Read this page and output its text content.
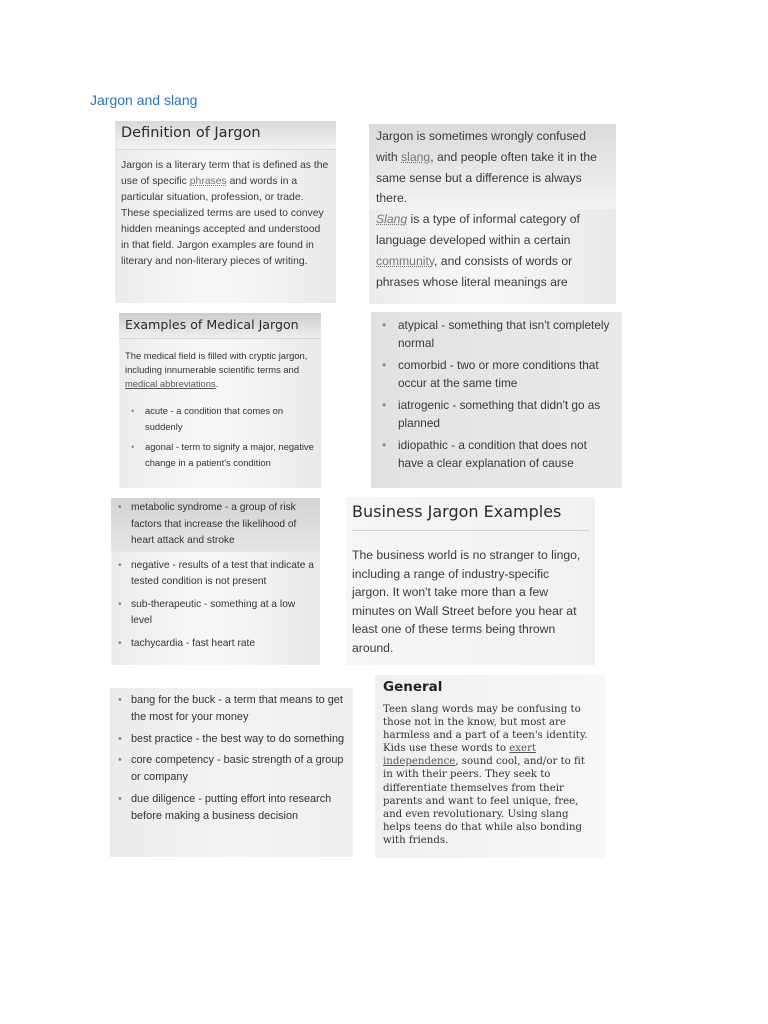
Jargon and slang
Definition of Jargon

Jargon is a literary term that is defined as the use of specific phrases and words in a particular situation, profession, or trade. These specialized terms are used to convey hidden meanings accepted and understood in that field. Jargon examples are found in literary and non-literary pieces of writing.

Jargon is sometimes wrongly confused with slang, and people often take it in the same sense but a difference is always there.

Slang is a type of informal category of language developed within a certain community, and consists of words or phrases whose literal meanings are

Examples of Medical Jargon

The medical field is filled with cryptic jargon, including innumerable scientific terms and medical abbreviations.

• acute - a condition that comes on suddenly
• agonal - term to signify a major, negative change in a patient's condition
• atypical - something that isn't completely normal
• comorbid - two or more conditions that occur at the same time
• iatrogenic - something that didn't go as planned
• idiopathic - a condition that does not have a clear explanation of cause
• metabolic syndrome - a group of risk factors that increase the likelihood of heart attack and stroke
• negative - results of a test that indicate a tested condition is not present
• sub-therapeutic - something at a low level
• tachycardia - fast heart rate
Business Jargon Examples

The business world is no stranger to lingo, including a range of industry-specific jargon. It won't take more than a few minutes on Wall Street before you hear at least one of these terms being thrown around.

• bang for the buck - a term that means to get the most for your money
• best practice - the best way to do something
• core competency - basic strength of a group or company
• due diligence - putting effort into research before making a business decision
General

Teen slang words may be confusing to those not in the know, but most are harmless and a part of a teen's identity. Kids use these words to exert independence, sound cool, and/or to fit in with their peers. They seek to differentiate themselves from their parents and want to feel unique, free, and even revolutionary. Using slang helps teens do that while also bonding with friends.
